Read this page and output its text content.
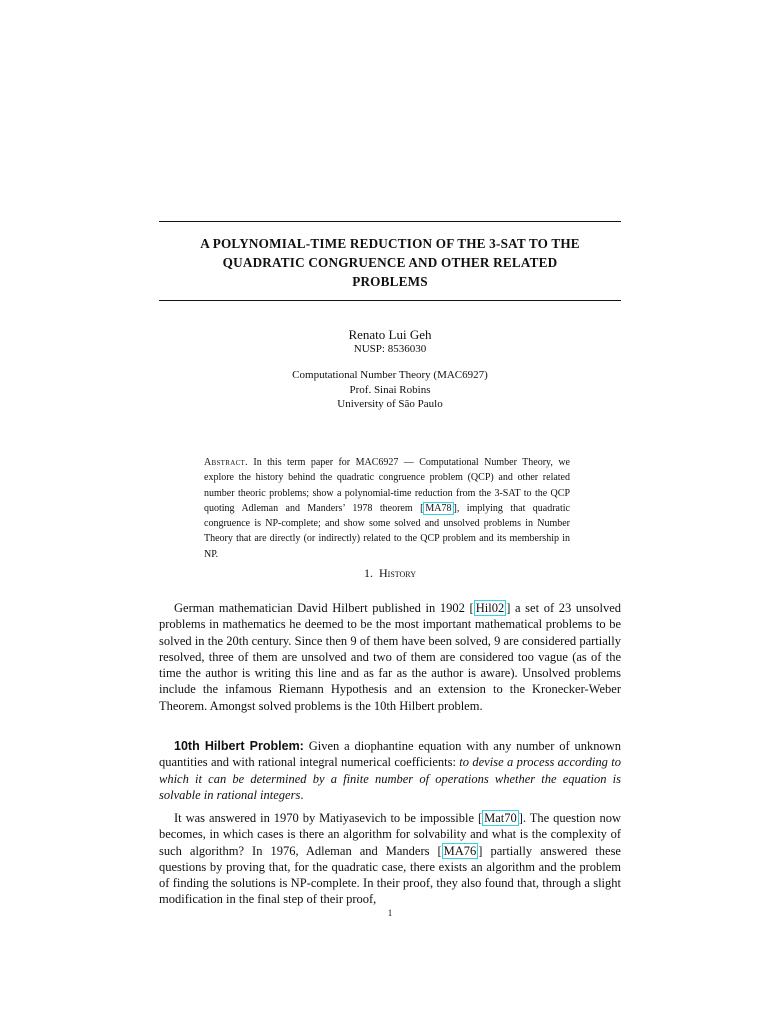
A POLYNOMIAL-TIME REDUCTION OF THE 3-SAT TO THE
QUADRATIC CONGRUENCE AND OTHER RELATED
PROBLEMS
Renato Lui Geh
NUSP: 8536030
Computational Number Theory (MAC6927)
Prof. Sinai Robins
University of São Paulo
Abstract. In this term paper for MAC6927 — Computational Number Theory, we explore the history behind the quadratic congruence problem (QCP) and other related number theoric problems; show a polynomial-time reduction from the 3-SAT to the QCP quoting Adleman and Manders’ 1978 theorem [ MA78 ], implying that quadratic congruence is NP-complete; and show some solved and unsolved problems in Number Theory that are directly (or indirectly) related to the QCP problem and its membership in NP.
1. History

German mathematician David Hilbert published in 1902 [ Hil02 ] a set of 23 unsolved problems in mathematics he deemed to be the most important mathematical problems to be solved in the 20th century. Since then 9 of them have been solved, 9 are considered partially resolved, three of them are unsolved and two of them are considered too vague (as of the time the author is writing this line and as far as the author is aware). Unsolved problems include the infamous Riemann Hypothesis and an extension to the Kronecker-Weber Theorem. Amongst solved problems is the 10th Hilbert problem.

10th Hilbert Problem: Given a diophantine equation with any number of unknown quantities and with rational integral numerical coefficients: to devise a process according to which it can be determined by a finite number of operations whether the equation is solvable in rational integers.

It was answered in 1970 by Matiyasevich to be impossible [ Mat70 ]. The question now becomes, in which cases is there an algorithm for solvability and what is the complexity of such algorithm? In 1976, Adleman and Manders [ MA76 ] partially answered these questions by proving that, for the quadratic case, there exists an algorithm and the problem of finding the solutions is NP-complete. In their proof, they also found that, through a slight modification in the final step of their proof,

1
